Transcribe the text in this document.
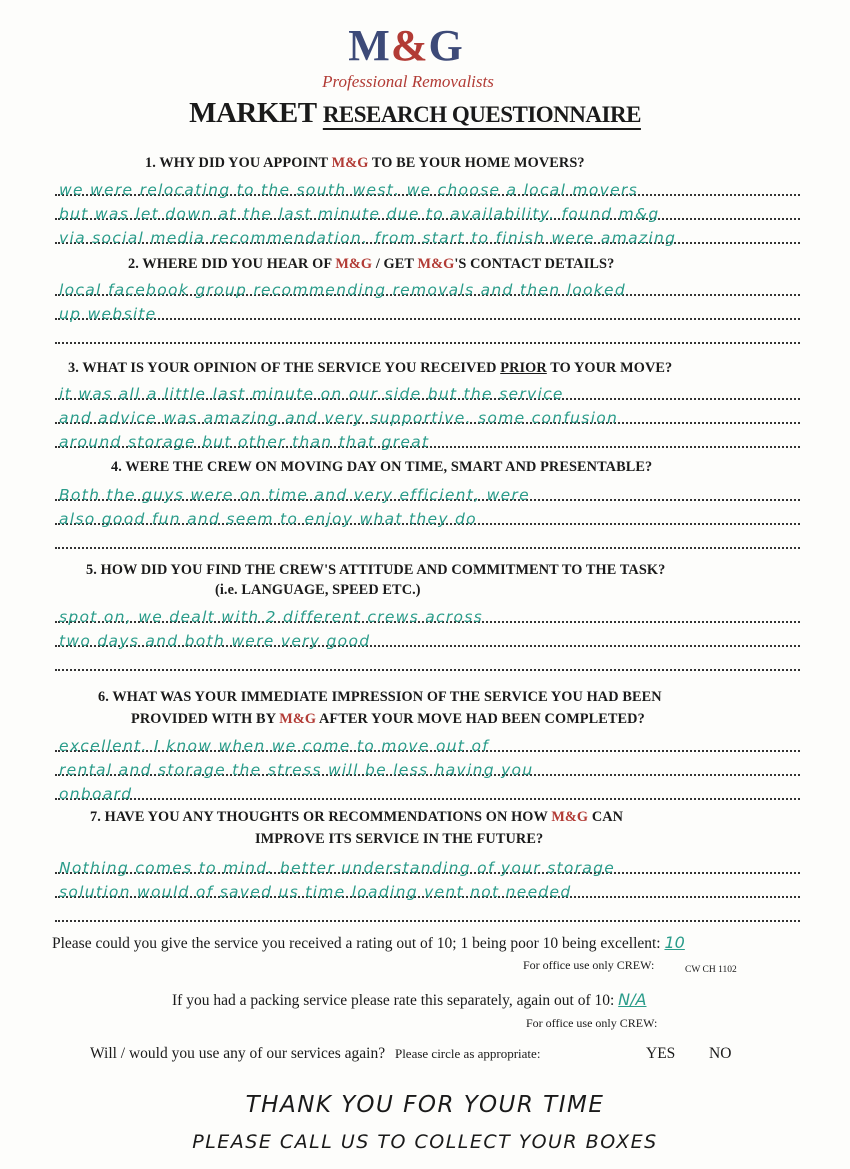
M&G
Professional Removalists
MARKET RESEARCH QUESTIONNAIRE
1. WHY DID YOU APPOINT M&G TO BE YOUR HOME MOVERS?
we were relocating to the south west. we choose a local movers
but was let down at the last minute due to availability. found m&g
via social media recommendation. from start to finish were amazing
2. WHERE DID YOU HEAR OF M&G / GET M&G'S CONTACT DETAILS?
local facebook group recommending removals and then looked
up website
3. WHAT IS YOUR OPINION OF THE SERVICE YOU RECEIVED PRIOR TO YOUR MOVE?
it was all a little last minute on our side but the service
and advice was amazing and very supportive. some confusion
around storage but other than that great
4. WERE THE CREW ON MOVING DAY ON TIME, SMART AND PRESENTABLE?
Both the guys were on time and very efficient, were
also good fun and seem to enjoy what they do
5. HOW DID YOU FIND THE CREW'S ATTITUDE AND COMMITMENT TO THE TASK?
(i.e. LANGUAGE, SPEED ETC.)
spot on, we dealt with 2 different crews across
two days and both were very good
6. WHAT WAS YOUR IMMEDIATE IMPRESSION OF THE SERVICE YOU HAD BEEN
PROVIDED WITH BY M&G AFTER YOUR MOVE HAD BEEN COMPLETED?
excellent. I know when we come to move out of
rental and storage the stress will be less having you
onboard
7. HAVE YOU ANY THOUGHTS OR RECOMMENDATIONS ON HOW M&G CAN
IMPROVE ITS SERVICE IN THE FUTURE?
Nothing comes to mind. better understanding of your storage
solution would of saved us time loading vent not needed
Please could you give the service you received a rating out of 10; 1 being poor 10 being excellent: 10
For office use only CREW:	CW CH 1102
If you had a packing service please rate this separately, again out of 10: N/A
For office use only CREW:
Will / would you use any of our services again? Please circle as appropriate:	YES NO
THANK YOU FOR YOUR TIME
PLEASE CALL US TO COLLECT YOUR BOXES
